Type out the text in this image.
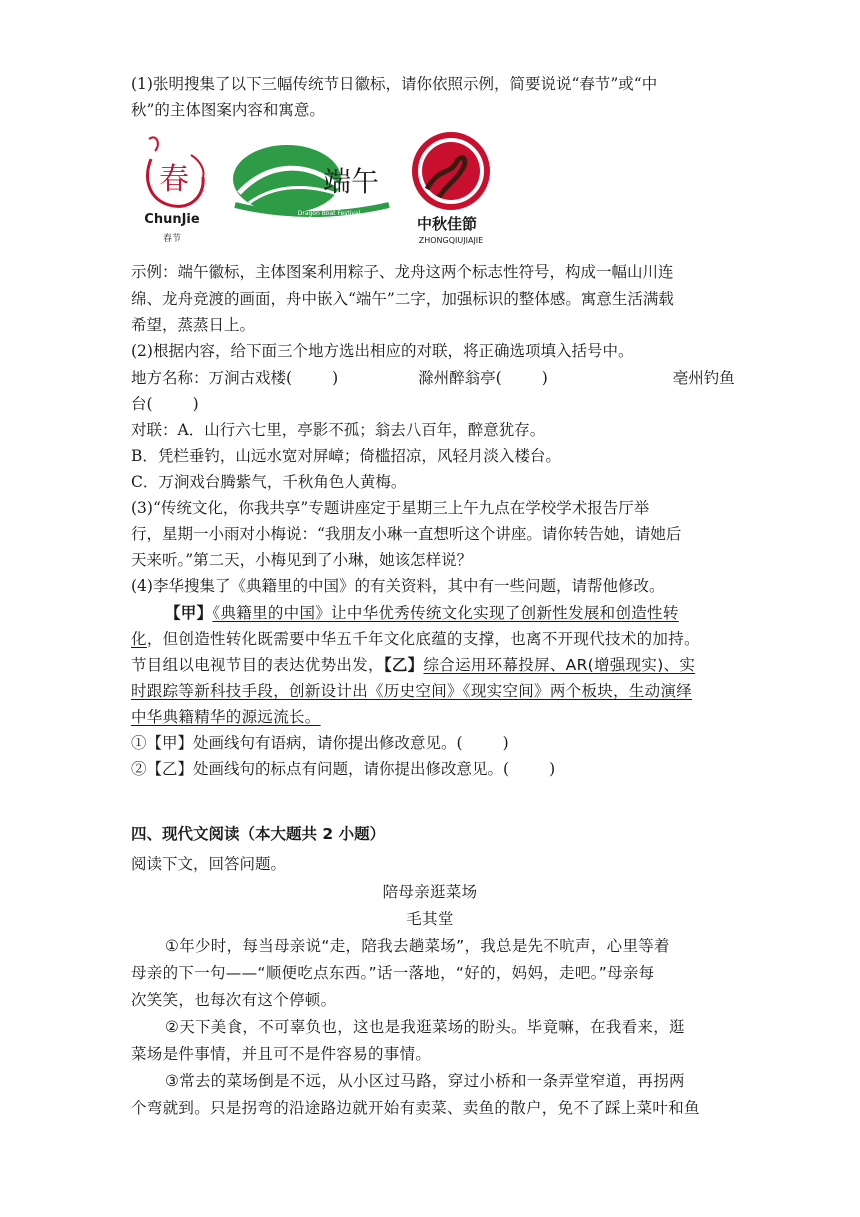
(1)张明搜集了以下三幅传统节日徽标，请你依照示例，简要说说“春节”或“中
秋”的主体图案内容和寓意。
春
ChunJie
春节
端午
Dragon Boat Festival
中秋佳節
ZHONGQIUJIAJIE
示例：端午徽标，主体图案利用粽子、龙舟这两个标志性符号，构成一幅山川连
绵、龙舟竞渡的画面，舟中嵌入“端午”二字，加强标识的整体感。寓意生活满载
希望，蒸蒸日上。
(2)根据内容，给下面三个地方选出相应的对联，将正确选项填入括号中。
地方名称：万涧古戏楼(	)	滁州醉翁亭(	)	亳州钓鱼
台(	)
对联：A．山行六七里，亭影不孤；翁去八百年，醉意犹存。
B．凭栏垂钓，山远水宽对屏嶂；倚槛招凉，风轻月淡入楼台。
C．万涧戏台腾紫气，千秋角色人黄梅。
(3)“传统文化，你我共享”专题讲座定于星期三上午九点在学校学术报告厅举
行，星期一小雨对小梅说：“我朋友小琳一直想听这个讲座。请你转告她，请她后
天来听。”第二天，小梅见到了小琳，她该怎样说？
(4)李华搜集了《典籍里的中国》的有关资料，其中有一些问题，请帮他修改。
【甲】《典籍里的中国》让中华优秀传统文化实现了创新性发展和创造性转
化，但创造性转化既需要中华五千年文化底蕴的支撑，也离不开现代技术的加持。
节目组以电视节目的表达优势出发，【乙】综合运用环幕投屏、AR(增强现实)、实
时跟踪等新科技手段，创新设计出《历史空间》《现实空间》两个板块，生动演绎
中华典籍精华的源远流长。
①【甲】处画线句有语病，请你提出修改意见。(	)
②【乙】处画线句的标点有问题，请你提出修改意见。(	)
四、现代文阅读（本大题共 2 小题）
阅读下文，回答问题。
陪母亲逛菜场
毛其堂
①年少时，每当母亲说“走，陪我去趟菜场”，我总是先不吭声，心里等着
母亲的下一句——“顺便吃点东西。”话一落地，“好的，妈妈，走吧。”母亲每
次笑笑，也每次有这个停顿。
②天下美食，不可辜负也，这也是我逛菜场的盼头。毕竟嘛，在我看来，逛
菜场是件事情，并且可不是件容易的事情。
③常去的菜场倒是不远，从小区过马路，穿过小桥和一条弄堂窄道，再拐两
个弯就到。只是拐弯的沿途路边就开始有卖菜、卖鱼的散户，免不了踩上菜叶和鱼
